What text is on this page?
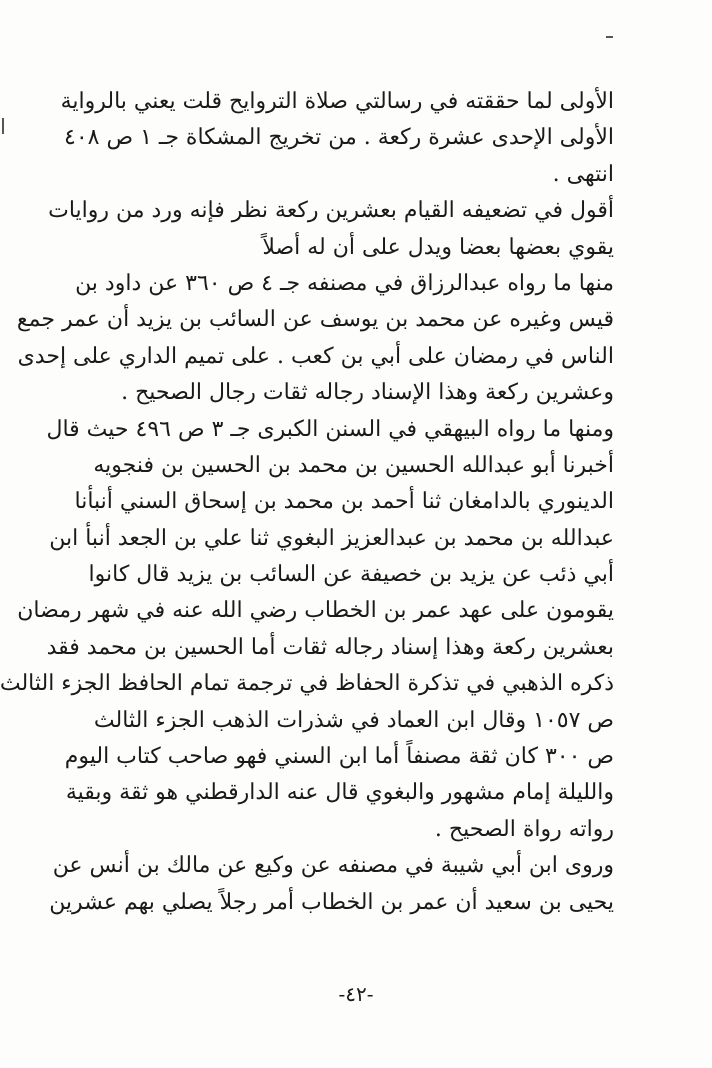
الأولى لما حققته في رسالتي صلاة التروايح قلت يعني بالرواية
الأولى الإحدى عشرة ركعة . من تخريج المشكاة جـ ١ ص ٤٠٨
انتهى .
أقول في تضعيفه القيام بعشرين ركعة نظر فإنه ورد من روايات
يقوي بعضها بعضا ويدل على أن له أصلاً
منها ما رواه عبدالرزاق في مصنفه جـ ٤ ص ٣٦٠ عن داود بن
قيس وغيره عن محمد بن يوسف عن السائب بن يزيد أن عمر جمع
الناس في رمضان على أبي بن كعب . على تميم الداري على إحدى
وعشرين ركعة وهذا الإسناد رجاله ثقات رجال الصحيح .
ومنها ما رواه البيهقي في السنن الكبرى جـ ٣ ص ٤٩٦ حيث قال
أخبرنا أبو عبدالله الحسين بن محمد بن الحسين بن فنجويه
الدينوري بالدامغان ثنا أحمد بن محمد بن إسحاق السني أنبأنا
عبدالله بن محمد بن عبدالعزيز البغوي ثنا علي بن الجعد أنبأ ابن
أبي ذئب عن يزيد بن خصيفة عن السائب بن يزيد قال كانوا
يقومون على عهد عمر بن الخطاب رضي الله عنه في شهر رمضان
بعشرين ركعة وهذا إسناد رجاله ثقات أما الحسين بن محمد فقد
ذكره الذهبي في تذكرة الحفاظ في ترجمة تمام الحافظ الجزء الثالث
ص ١٠٥٧ وقال ابن العماد في شذرات الذهب الجزء الثالث
ص ٣٠٠ كان ثقة مصنفاً أما ابن السني فهو صاحب كتاب اليوم
والليلة إمام مشهور والبغوي قال عنه الدارقطني هو ثقة وبقية
رواته رواة الصحيح .
وروى ابن أبي شيبة في مصنفه عن وكيع عن مالك بن أنس عن
يحيى بن سعيد أن عمر بن الخطاب أمر رجلاً يصلي بهم عشرين
-٤٢-
